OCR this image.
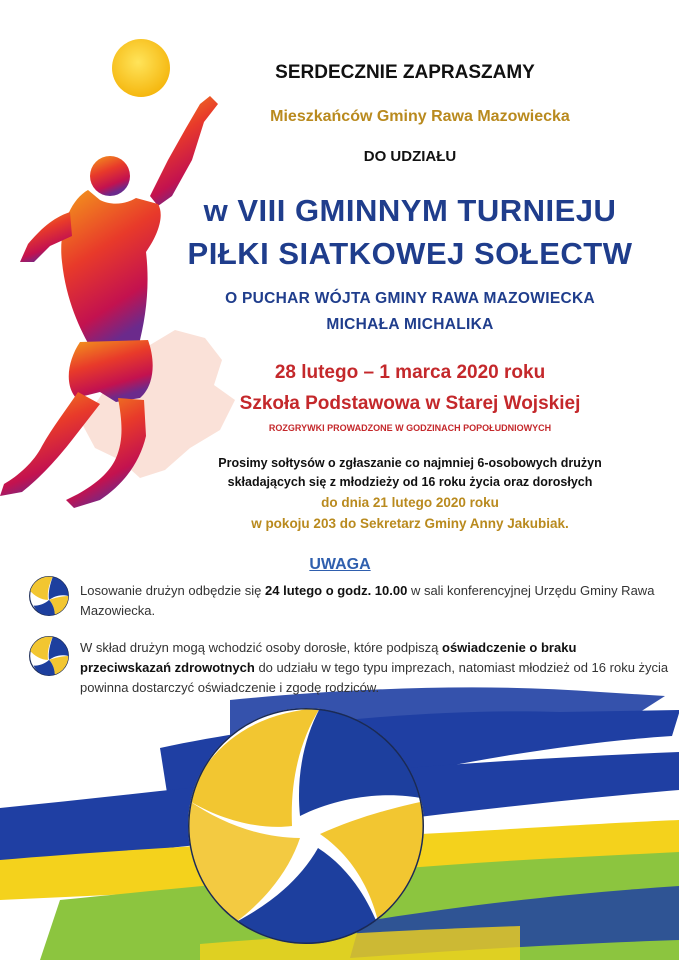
SERDECZNIE ZAPRASZAMY
Mieszkańców Gminy Rawa Mazowiecka
DO UDZIAŁU
w VIII GMINNYM TURNIEJU
PIŁKI SIATKOWEJ SOŁECTW
O PUCHAR WÓJTA GMINY RAWA MAZOWIECKA
MICHAŁA MICHALIKA
28 lutego – 1 marca 2020 roku
Szkoła Podstawowa w Starej Wojskiej
ROZGRYWKI PROWADZONE W GODZINACH POPOŁUDNIOWYCH
Prosimy sołtysów o zgłaszanie co najmniej 6-osobowych drużyn
składających się z młodzieży od 16 roku życia oraz dorosłych
do dnia 21 lutego 2020 roku
w pokoju 203 do Sekretarz Gminy Anny Jakubiak.
UWAGA
Losowanie drużyn odbędzie się 24 lutego o godz. 10.00 w sali konferencyjnej Urzędu Gminy Rawa Mazowiecka.
W skład drużyn mogą wchodzić osoby dorosłe, które podpiszą oświadczenie o braku przeciwskazań zdrowotnych do udziału w tego typu imprezach, natomiast młodzież od 16 roku życia powinna dostarczyć oświadczenie i zgodę rodziców.
